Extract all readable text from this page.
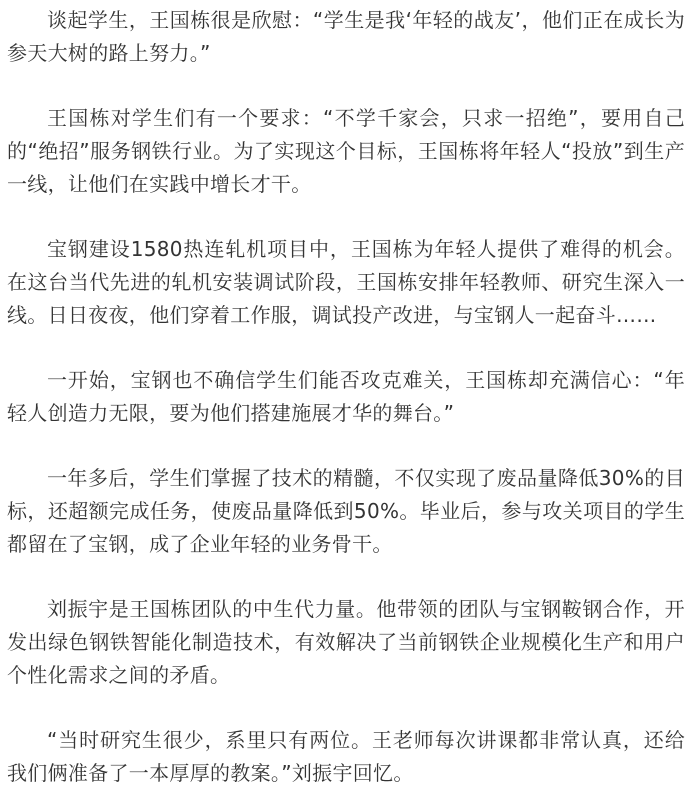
谈起学生，王国栋很是欣慰：“学生是我‘年轻的战友’，他们正在成长为参天大树的路上努力。”

王国栋对学生们有一个要求：“不学千家会，只求一招绝”，要用自己的“绝招”服务钢铁行业。为了实现这个目标，王国栋将年轻人“投放”到生产一线，让他们在实践中增长才干。

宝钢建设1580热连轧机项目中，王国栋为年轻人提供了难得的机会。在这台当代先进的轧机安装调试阶段，王国栋安排年轻教师、研究生深入一线。日日夜夜，他们穿着工作服，调试投产改进，与宝钢人一起奋斗……

一开始，宝钢也不确信学生们能否攻克难关，王国栋却充满信心：“年轻人创造力无限，要为他们搭建施展才华的舞台。”

一年多后，学生们掌握了技术的精髓，不仅实现了废品量降低30%的目标，还超额完成任务，使废品量降低到50%。毕业后，参与攻关项目的学生都留在了宝钢，成了企业年轻的业务骨干。

刘振宇是王国栋团队的中生代力量。他带领的团队与宝钢鞍钢合作，开发出绿色钢铁智能化制造技术，有效解决了当前钢铁企业规模化生产和用户个性化需求之间的矛盾。

“当时研究生很少，系里只有两位。王老师每次讲课都非常认真，还给我们俩准备了一本厚厚的教案。”刘振宇回忆。
